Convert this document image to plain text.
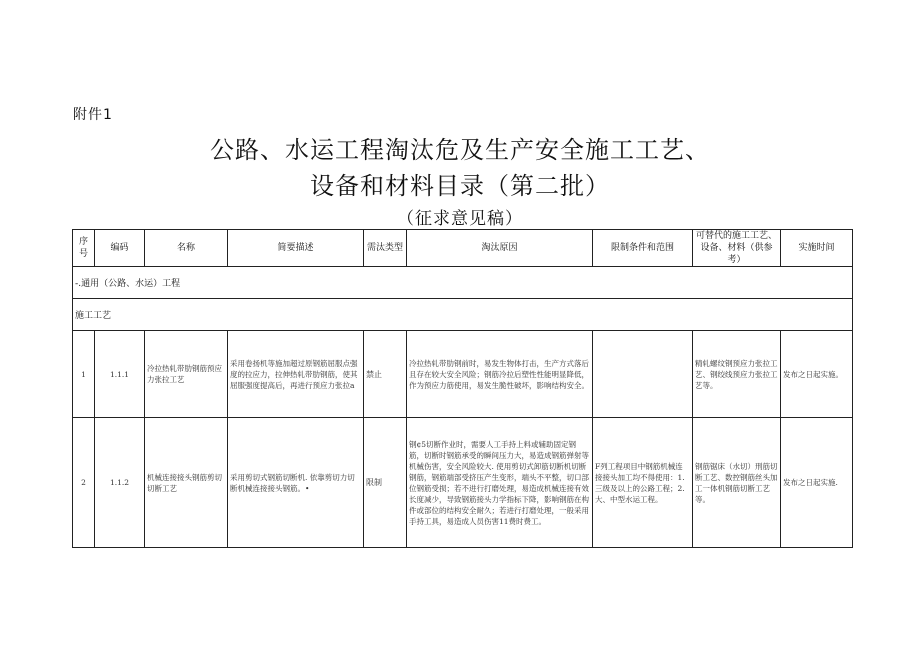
附件1
公路、水运工程淘汰危及生产安全施工工艺、
设备和材料目录（第二批）
（征求意见稿）
序号	编码	名称	简要描述	需汰类型	淘汰原因	限制条件和范围	可替代的施工工艺、设备、材料（供参考）	实施时间
-.通用（公路、水运）工程								
施工工艺								
1	1.1.1	冷拉热轧带肋钢筋预应力张拉工艺	采用卷扬机等施加超过原钢筋屈服点强度的拉应力，拉伸热轧带肋钢筋，使其屈服强度提高后，再进行预应力张拉a	禁止	冷拉热轧带肋钢前时，易发生物体打击，生产方式落后且存在较大安全风险；钢筋冷拉后塑性性能明显降低，作为预应力筋使用，易发生脆性破坏，影响结构安全。		精轧螺纹钢预应力张拉工艺、钢绞线预应力张拉工艺等。	发布之日起实施。
2	1.1.2	机械连接接头钢筋剪切切断工艺	采用剪切式钢筋切断机. 依靠剪切力切断机械连接接头钢筋。•	限制	钢¢5切断作业时，需要人工手持上料或辅助固定钢筋，切断时钢筋承受的瞬间压力大，易造成钢筋弹射等机械伤害，安全风险较大. 使用剪切式卸筋切断机切断钢筋，钢筋端部受挤压产生变形，端头不平整，切口部位钢筋受损；若不进行打磨处理，易造成机械连接有效长度减少，导致钢筋接头力学指标下降，影响钢筋在构件或部位的结构安全耐久；若进行打磨处理，一般采用手持工具，易造成人员伤害11费时费工。	F列工程项目中钢筋机械连接接头加工均不得使用：1.三级及以上的公路工程；2.大、中型水运工程。	钢筋锯床（水切）刑筋切断工艺、数控钢筋丝头加工一体机钢筋切断工艺等。	发布之日起实施.
